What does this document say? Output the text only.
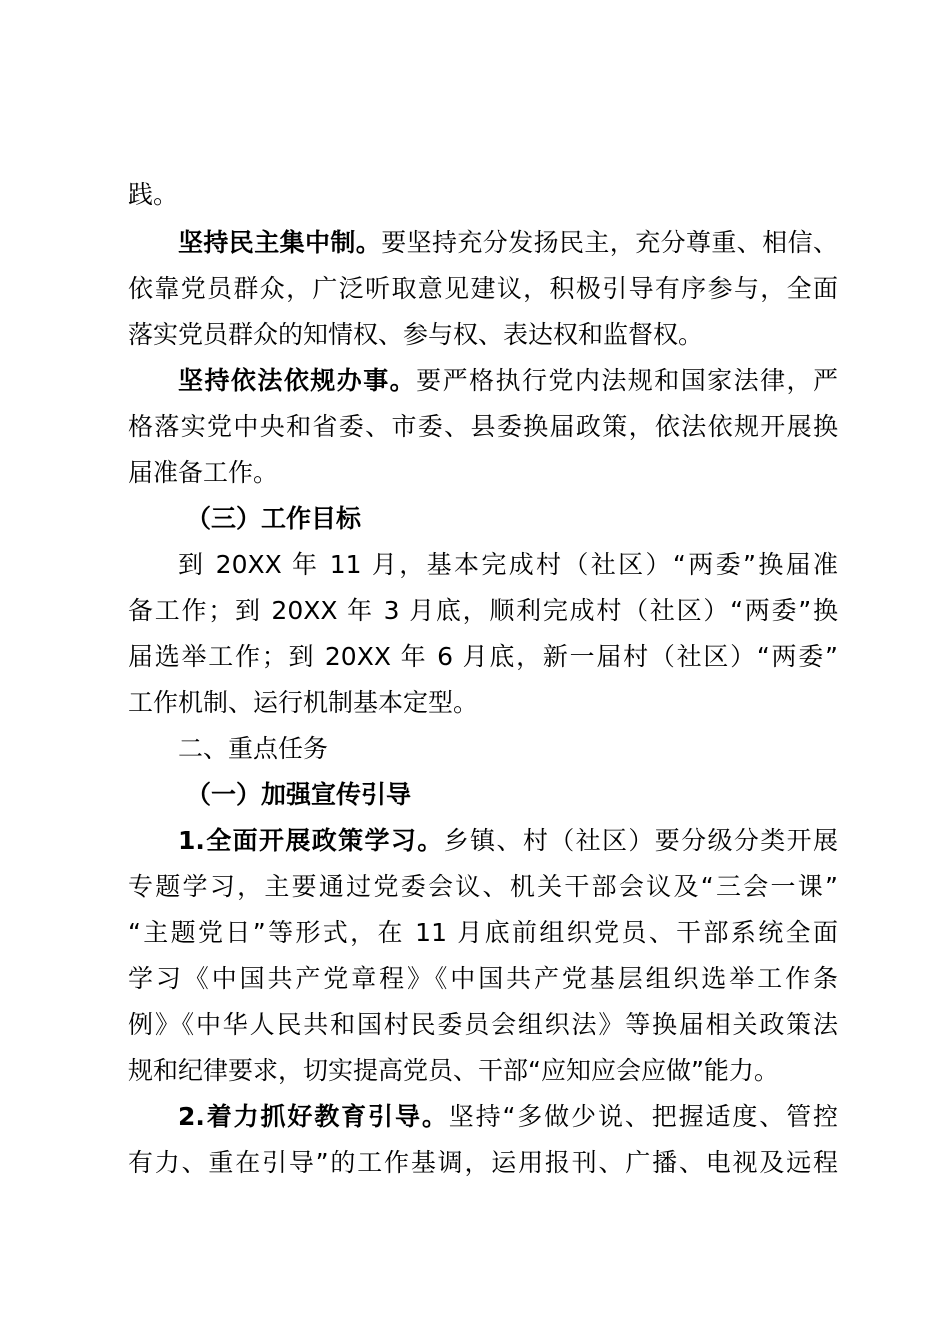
践。
坚持民主集中制。要坚持充分发扬民主，充分尊重、相信、
依靠党员群众，广泛听取意见建议，积极引导有序参与，全面
落实党员群众的知情权、参与权、表达权和监督权。
坚持依法依规办事。要严格执行党内法规和国家法律，严
格落实党中央和省委、市委、县委换届政策，依法依规开展换
届准备工作。
（三）工作目标
到 20XX 年 11 月，基本完成村（社区）“两委”换届准
备工作；到 20XX 年 3 月底，顺利完成村（社区）“两委”换
届选举工作；到 20XX 年 6 月底，新一届村（社区）“两委”
工作机制、运行机制基本定型。
二、重点任务
（一）加强宣传引导
1.全面开展政策学习。乡镇、村（社区）要分级分类开展
专题学习，主要通过党委会议、机关干部会议及“三会一课”
“主题党日”等形式，在 11 月底前组织党员、干部系统全面
学习《中国共产党章程》《中国共产党基层组织选举工作条
例》《中华人民共和国村民委员会组织法》等换届相关政策法
规和纪律要求，切实提高党员、干部“应知应会应做”能力。
2.着力抓好教育引导。坚持“多做少说、把握适度、管控
有力、重在引导”的工作基调，运用报刊、广播、电视及远程
